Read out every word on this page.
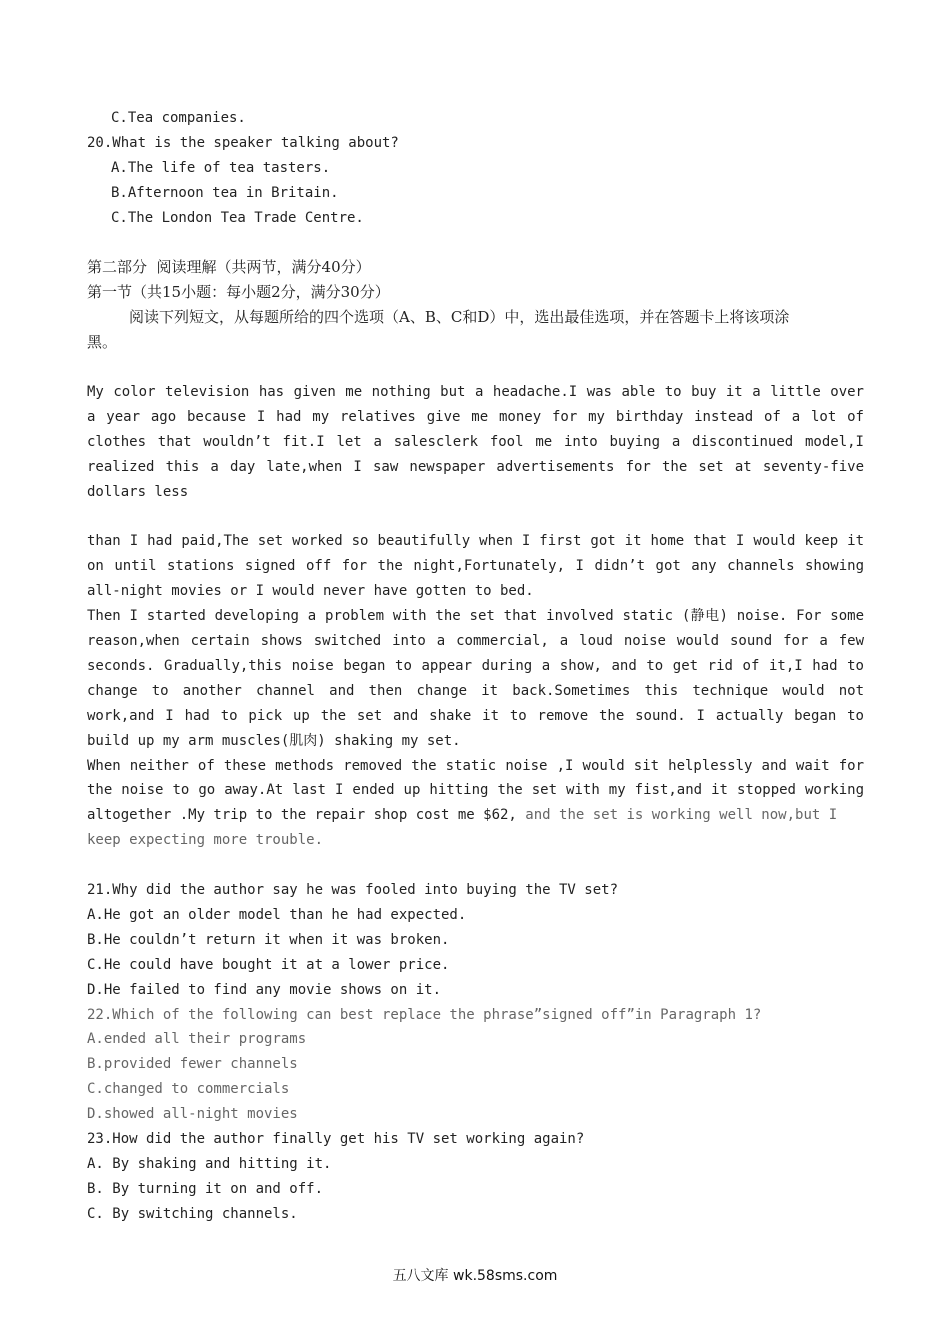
C.Tea companies.

20.What is the speaker talking about?

A.The life of tea tasters.

B.Afternoon tea in Britain.

C.The London Tea Trade Centre.

第二部分  阅读理解（共两节，满分40分）

第一节（共15小题：每小题2分，满分30分）

阅读下列短文，从每题所给的四个选项（A、B、C和D）中，选出最佳选项，并在答题卡上将该项涂

黑。

My color television has given me nothing but a headache.I was able to buy it a little over

a year ago because I had my relatives give me money for my birthday instead of a lot of

clothes that wouldn’t fit.I let a salesclerk fool me into buying a discontinued model,I

realized this a day late,when I saw newspaper advertisements for the set at seventy-five

dollars less

than I had paid,The set worked so beautifully when I first got it home that I would keep it

on until stations signed off for the night,Fortunately, I didn’t got any channels showing

all-night movies or I would never have gotten to bed.

Then I started developing a problem with the set that involved static (静电) noise. For some

reason,when certain shows switched into a commercial, a loud noise would sound for a few

seconds. Gradually,this noise began to appear during a show, and to get rid of it,I had to

change to another channel and then change it back.Sometimes this technique would not

work,and I had to pick up the set and shake it to remove the sound. I actually began to

build up my arm muscles(肌肉) shaking my set.

When neither of these methods removed the static noise ,I would sit helplessly and wait for

the noise to go away.At last I ended up hitting the set with my fist,and it stopped working

altogether .My trip to the repair shop cost me $62, and the set is working well now,but I

keep expecting more trouble.

21.Why did the author say he was fooled into buying the TV set?

A.He got an older model than he had expected.

B.He couldn’t return it when it was broken.

C.He could have bought it at a lower price.

D.He failed to find any movie shows on it.

22.Which of the following can best replace the phrase”signed off”in Paragraph 1?

A.ended all their programs

B.provided fewer channels

C.changed to commercials

D.showed all-night movies

23.How did the author finally get his TV set working again?

A. By shaking and hitting it.

B. By turning it on and off.

C. By switching channels.

五八文库 wk.58sms.com
